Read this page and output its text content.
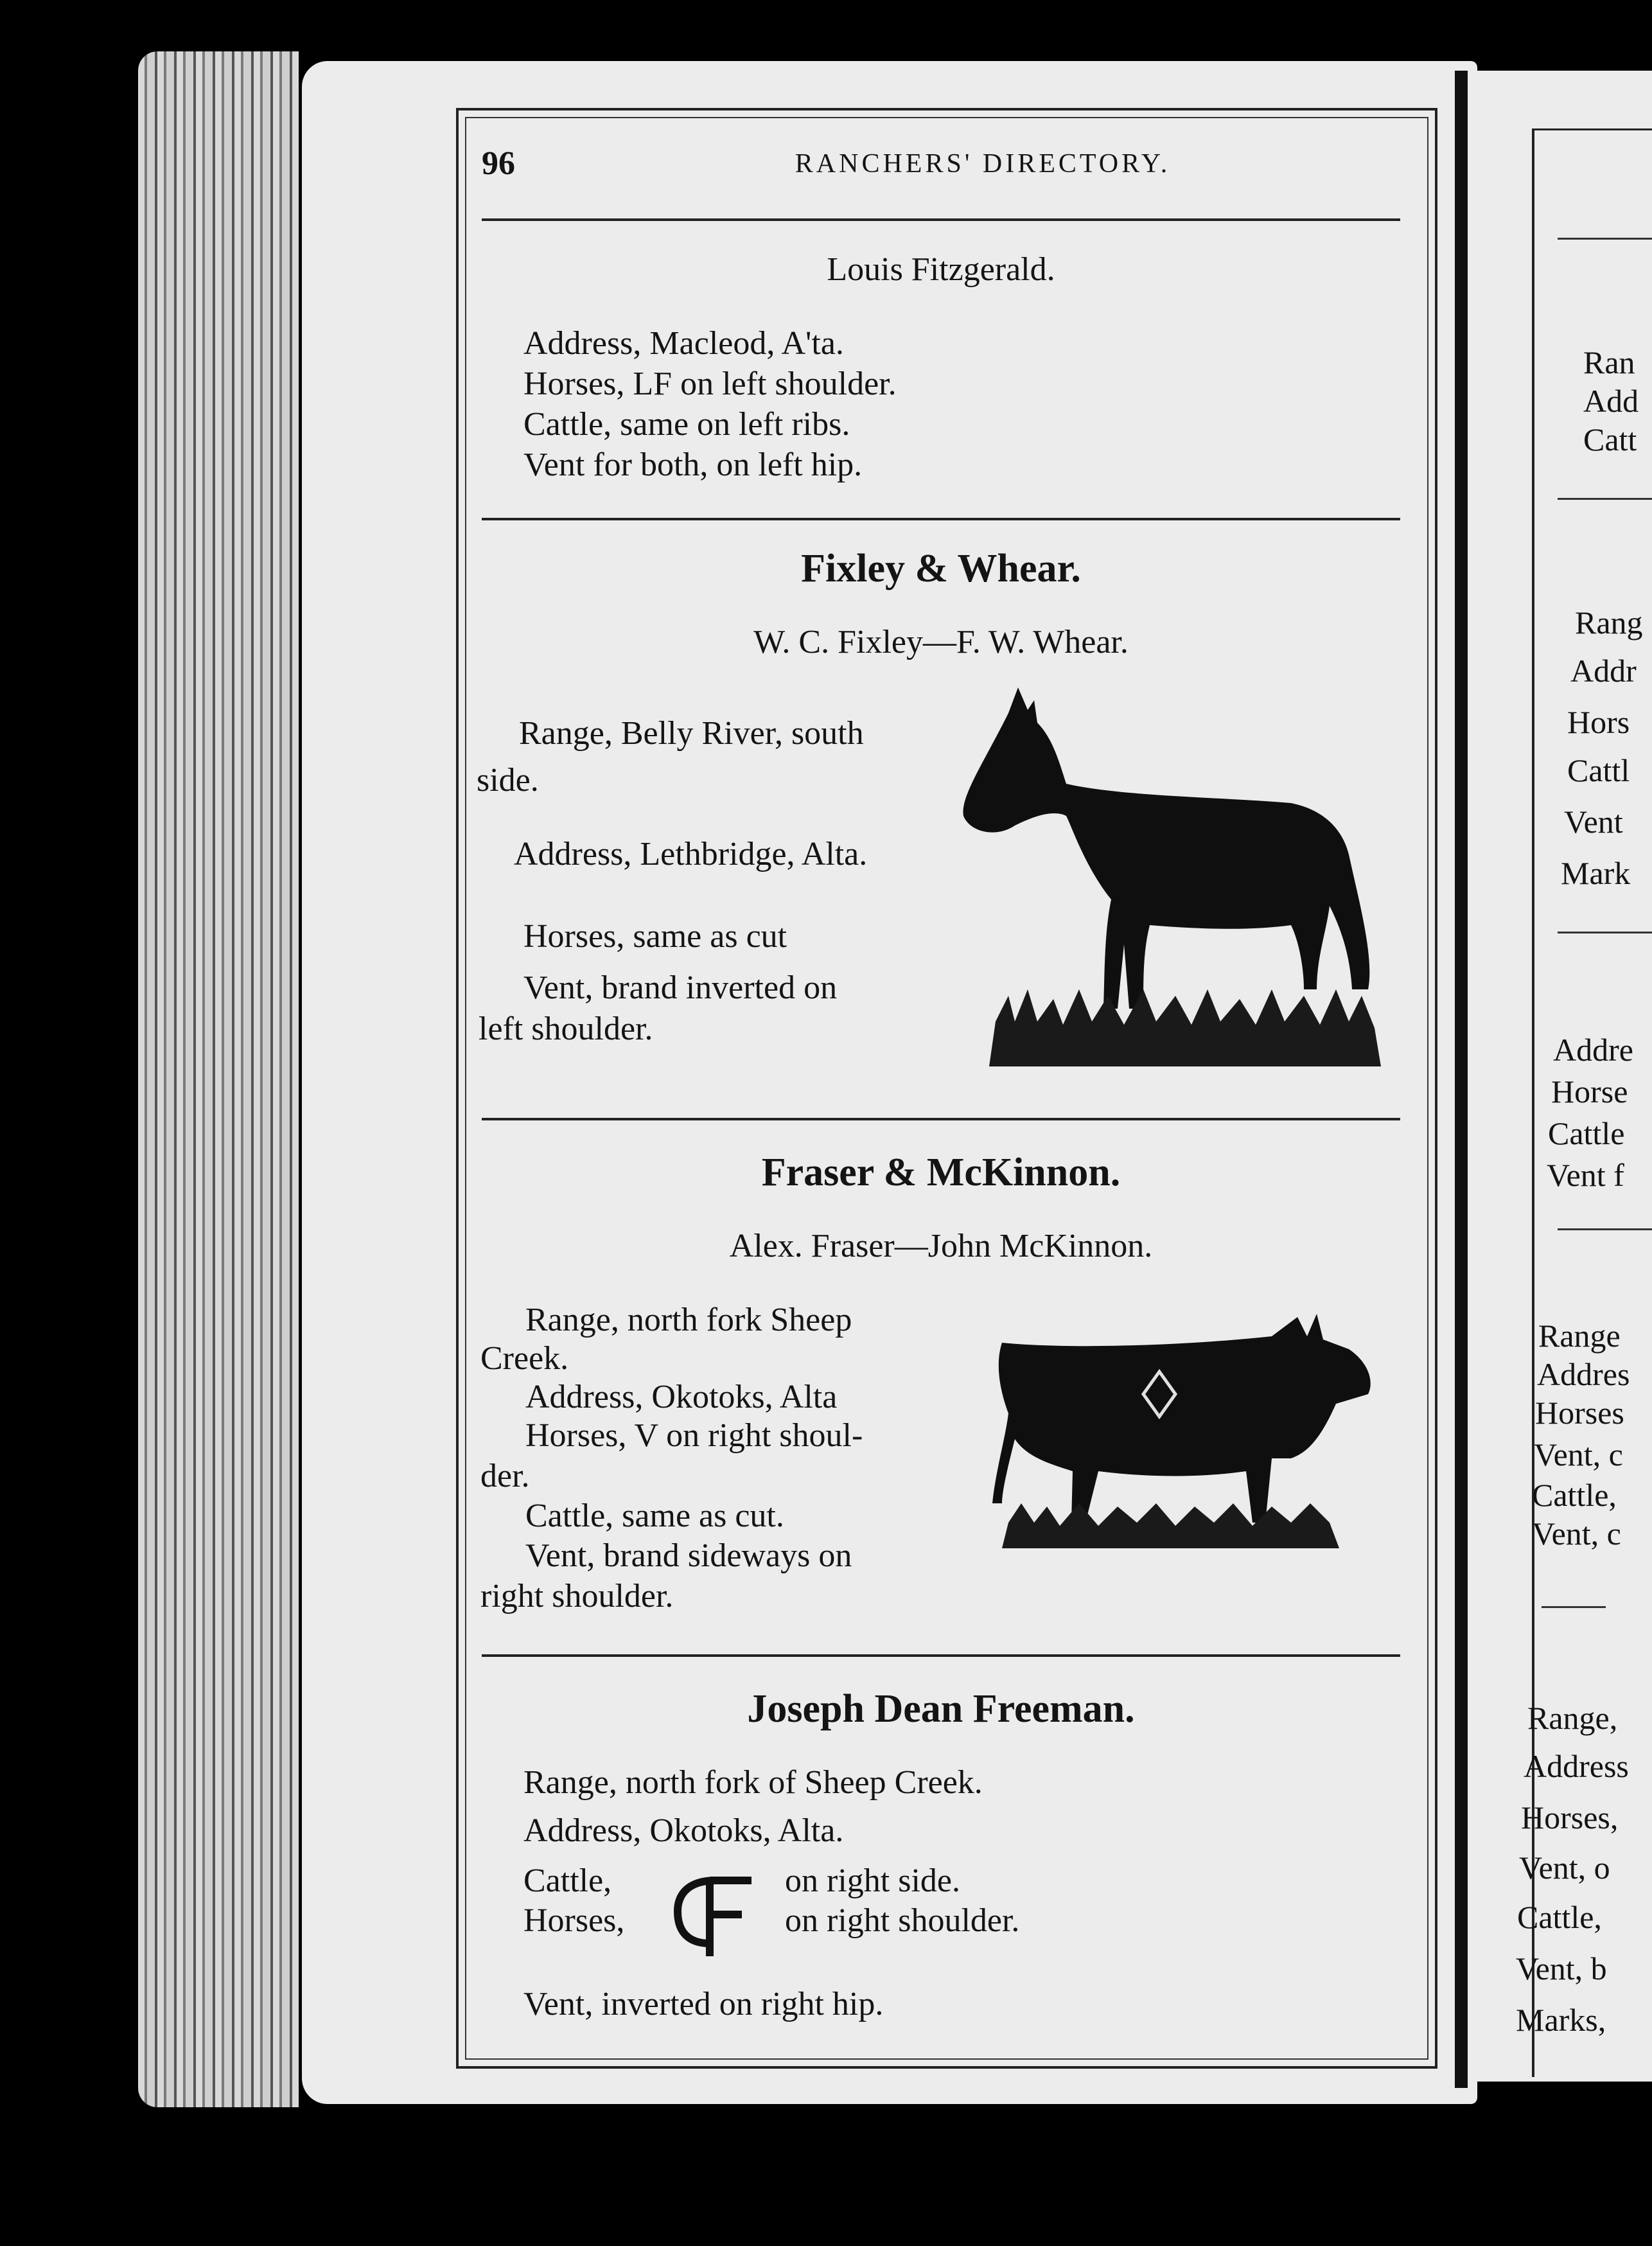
96	RANCHERS' DIRECTORY.
Louis Fitzgerald.
Address, Macleod, A'ta.
Horses, LF on left shoulder.
Cattle, same on left ribs.
Vent for both, on left hip.
Fixley & Whear.
W. C. Fixley—F. W. Whear.
Range, Belly River, south
side.
Address, Lethbridge, Alta.
Horses, same as cut
Vent, brand inverted on
left shoulder.
Fraser & McKinnon.
Alex. Fraser—John McKinnon.
Range, north fork Sheep
Creek.
Address, Okotoks, Alta
Horses, V on right shoul-
der.
Cattle, same as cut.
Vent, brand sideways on
right shoulder.
Joseph Dean Freeman.
Range, north fork of Sheep Creek.
Address, Okotoks, Alta.
Cattle,	on right side.
Horses,	on right shoulder.
Vent, inverted on right hip.
Ran
Add
Catt
Rang
Addr
Hors
Cattl
Vent
Mark
Addre
Horse
Cattle
Vent f
Range
Addres
Horses
Vent, c
Cattle,
Vent, c
Range,
Address
Horses,
Vent, o
Cattle,
Vent, b
Marks,
